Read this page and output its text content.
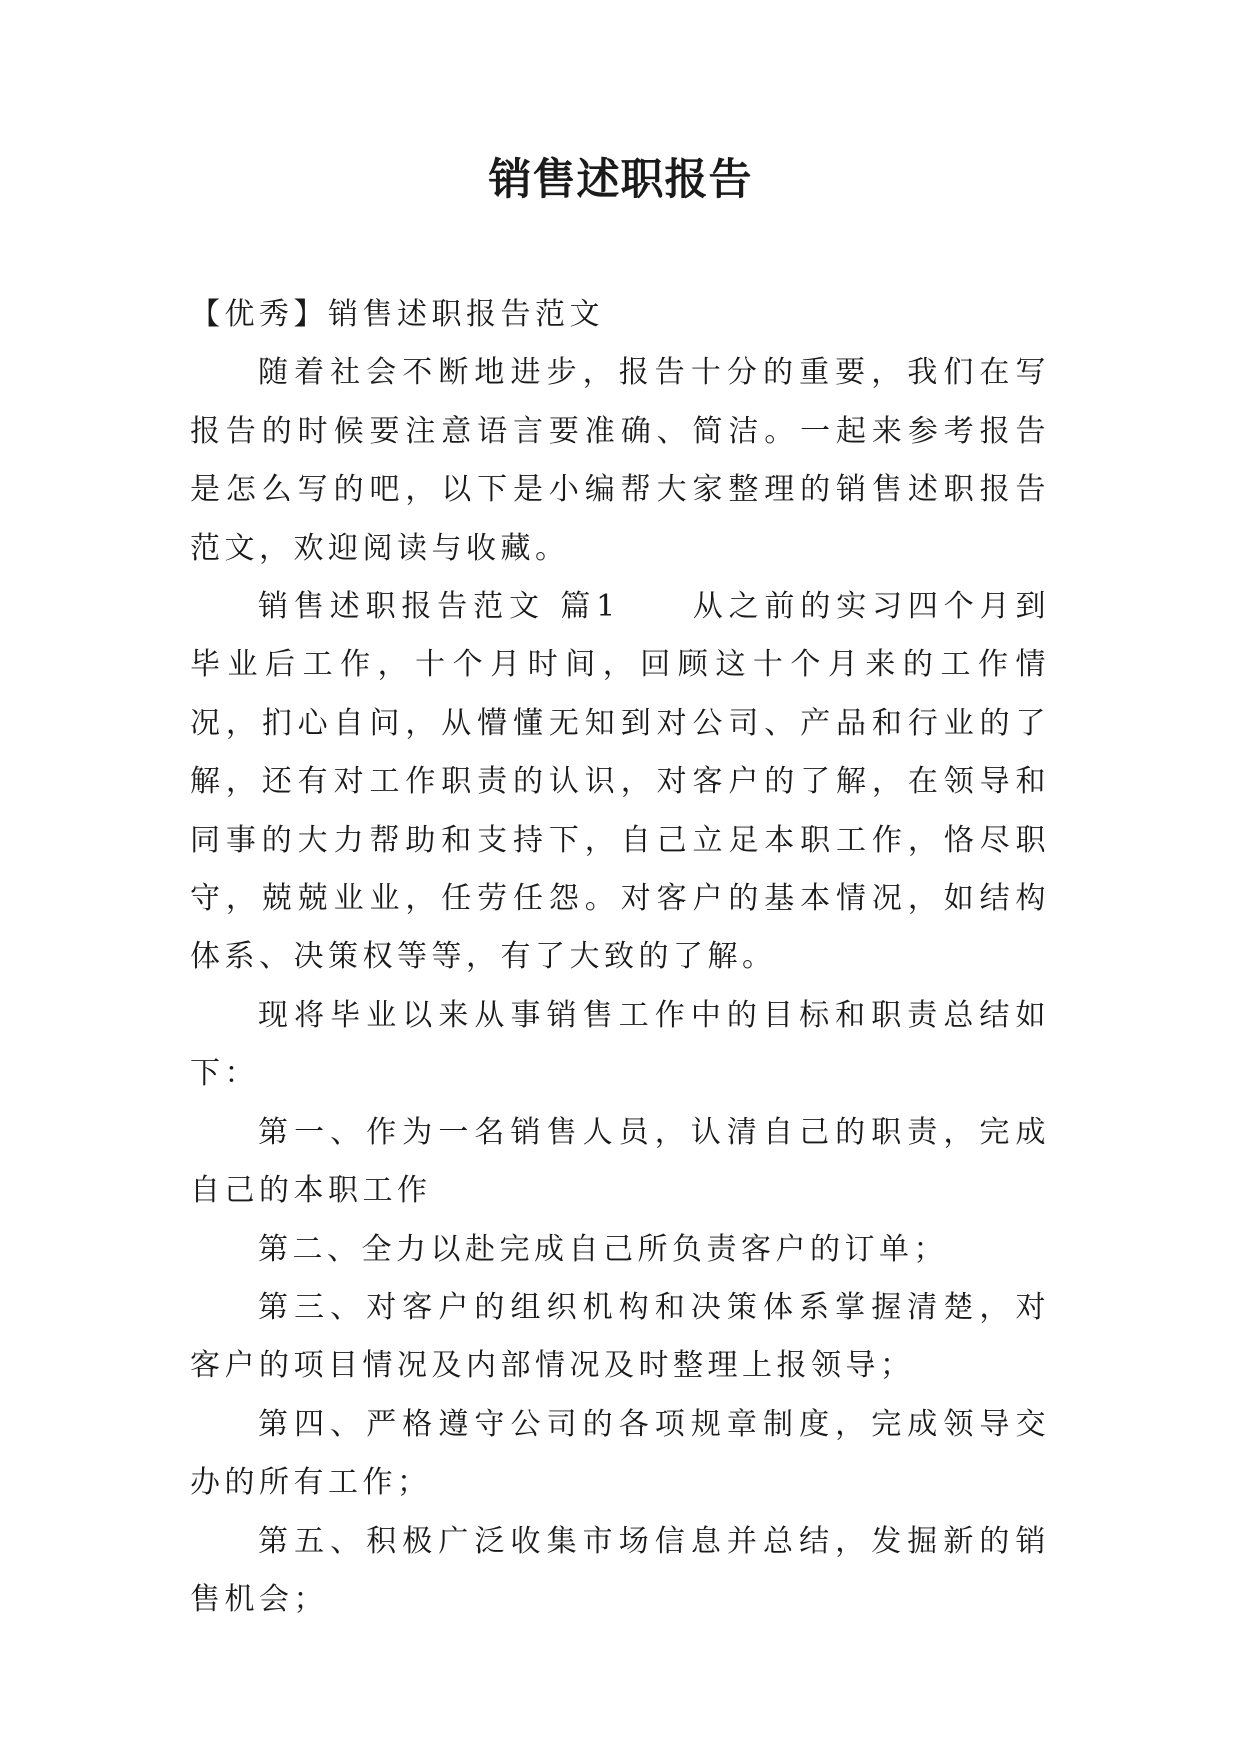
销售述职报告

【优秀】销售述职报告范文

随着社会不断地进步，报告十分的重要，我们在写报告的时候要注意语言要准确、简洁。一起来参考报告是怎么写的吧，以下是小编帮大家整理的销售述职报告范文，欢迎阅读与收藏。

销售述职报告范文 篇1　　从之前的实习四个月到毕业后工作，十个月时间，回顾这十个月来的工作情况，扪心自问，从懵懂无知到对公司、产品和行业的了解，还有对工作职责的认识，对客户的了解，在领导和同事的大力帮助和支持下，自己立足本职工作，恪尽职守，兢兢业业，任劳任怨。对客户的基本情况，如结构体系、决策权等等，有了大致的了解。

现将毕业以来从事销售工作中的目标和职责总结如下：

第一、作为一名销售人员，认清自己的职责，完成自己的本职工作

第二、全力以赴完成自己所负责客户的订单；

第三、对客户的组织机构和决策体系掌握清楚，对客户的项目情况及内部情况及时整理上报领导；

第四、严格遵守公司的各项规章制度，完成领导交办的所有工作；

第五、积极广泛收集市场信息并总结，发掘新的销售机会；
